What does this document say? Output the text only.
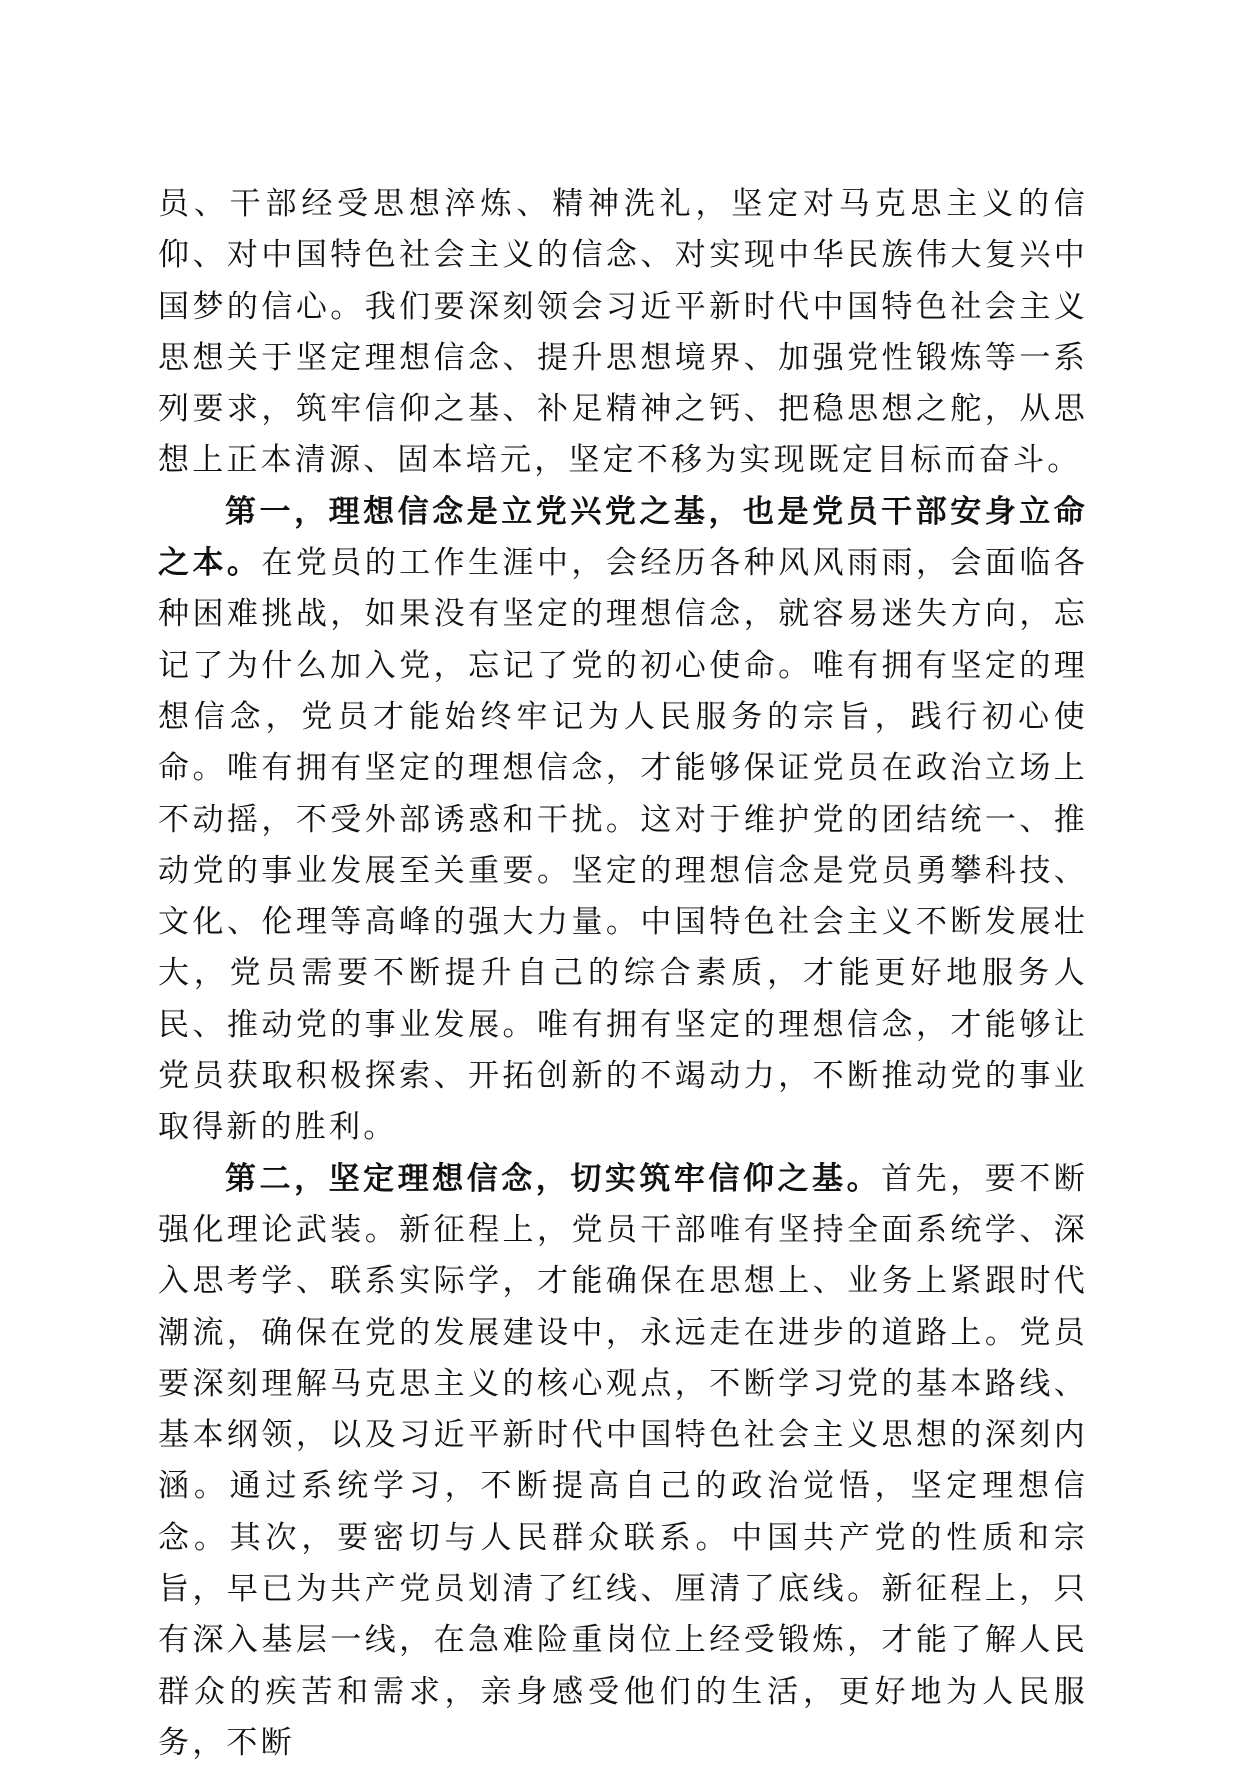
员、干部经受思想淬炼、精神洗礼，坚定对马克思主义的信仰、对中国特色社会主义的信念、对实现中华民族伟大复兴中国梦的信心。我们要深刻领会习近平新时代中国特色社会主义思想关于坚定理想信念、提升思想境界、加强党性锻炼等一系列要求，筑牢信仰之基、补足精神之钙、把稳思想之舵，从思想上正本清源、固本培元，坚定不移为实现既定目标而奋斗。

第一，理想信念是立党兴党之基，也是党员干部安身立命之本。在党员的工作生涯中，会经历各种风风雨雨，会面临各种困难挑战，如果没有坚定的理想信念，就容易迷失方向，忘记了为什么加入党，忘记了党的初心使命。唯有拥有坚定的理想信念，党员才能始终牢记为人民服务的宗旨，践行初心使命。唯有拥有坚定的理想信念，才能够保证党员在政治立场上不动摇，不受外部诱惑和干扰。这对于维护党的团结统一、推动党的事业发展至关重要。坚定的理想信念是党员勇攀科技、文化、伦理等高峰的强大力量。中国特色社会主义不断发展壮大，党员需要不断提升自己的综合素质，才能更好地服务人民、推动党的事业发展。唯有拥有坚定的理想信念，才能够让党员获取积极探索、开拓创新的不竭动力，不断推动党的事业取得新的胜利。

第二，坚定理想信念，切实筑牢信仰之基。首先，要不断强化理论武装。新征程上，党员干部唯有坚持全面系统学、深入思考学、联系实际学，才能确保在思想上、业务上紧跟时代潮流，确保在党的发展建设中，永远走在进步的道路上。党员要深刻理解马克思主义的核心观点，不断学习党的基本路线、基本纲领，以及习近平新时代中国特色社会主义思想的深刻内涵。通过系统学习，不断提高自己的政治觉悟，坚定理想信念。其次，要密切与人民群众联系。中国共产党的性质和宗旨，早已为共产党员划清了红线、厘清了底线。新征程上，只有深入基层一线，在急难险重岗位上经受锻炼，才能了解人民群众的疾苦和需求，亲身感受他们的生活，更好地为人民服务，不断
